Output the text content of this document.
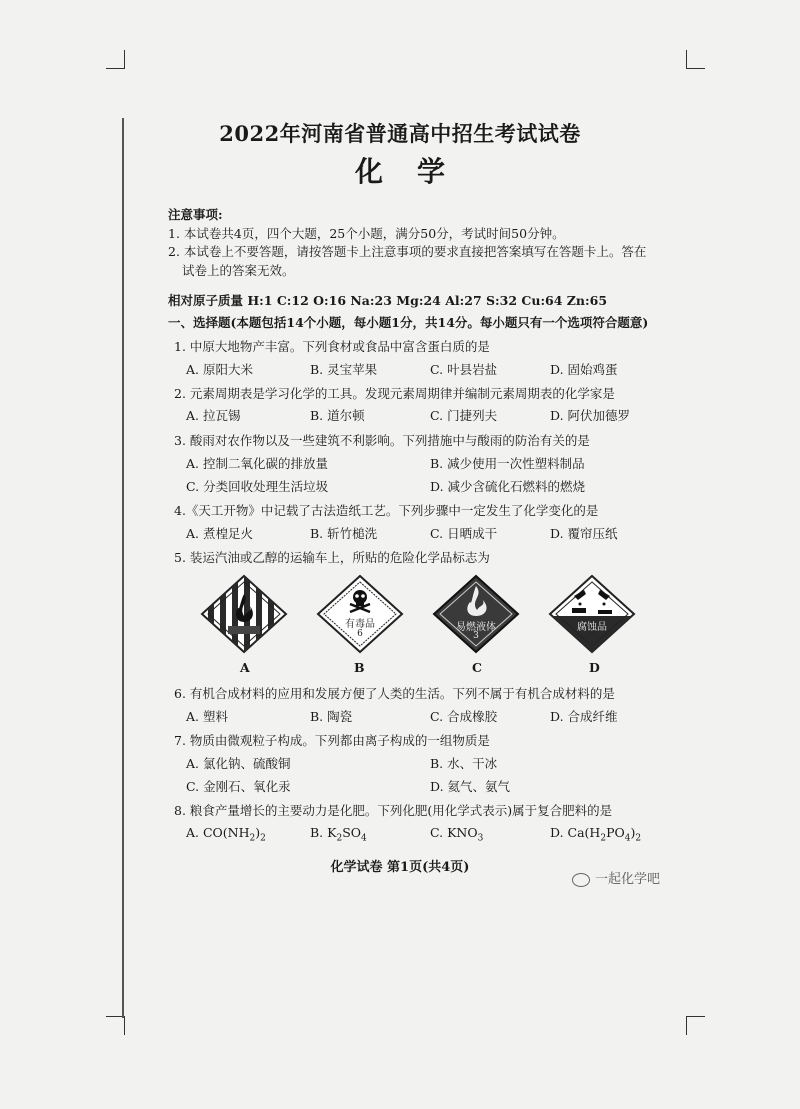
2022年河南省普通高中招生考试试卷
化学
注意事项:
1. 本试卷共4页，四个大题，25个小题，满分50分，考试时间50分钟。
2. 本试卷上不要答题，请按答题卡上注意事项的要求直接把答案填写在答题卡上。答在
试卷上的答案无效。
相对原子质量 H:1 C:12 O:16 Na:23 Mg:24 Al:27 S:32 Cu:64 Zn:65
一、选择题(本题包括14个小题，每小题1分，共14分。每小题只有一个选项符合题意)
1. 中原大地物产丰富。下列食材或食品中富含蛋白质的是
A. 原阳大米	B. 灵宝苹果	C. 叶县岩盐	D. 固始鸡蛋
2. 元素周期表是学习化学的工具。发现元素周期律并编制元素周期表的化学家是
A. 拉瓦锡	B. 道尔顿	C. 门捷列夫	D. 阿伏加德罗
3. 酸雨对农作物以及一些建筑不利影响。下列措施中与酸雨的防治有关的是
A. 控制二氧化碳的排放量	B. 减少使用一次性塑料制品
C. 分类回收处理生活垃圾	D. 减少含硫化石燃料的燃烧
4.《天工开物》中记载了古法造纸工艺。下列步骤中一定发生了化学变化的是
A. 煮楻足火	B. 斩竹槌洗	C. 日晒成干	D. 覆帘压纸
5. 装运汽油或乙醇的运输车上，所贴的危险化学品标志为
A
有毒品
6
B
易燃液体
3
C
腐蚀品
D
6. 有机合成材料的应用和发展方便了人类的生活。下列不属于有机合成材料的是
A. 塑料	B. 陶瓷	C. 合成橡胶	D. 合成纤维
7. 物质由微观粒子构成。下列都由离子构成的一组物质是
A. 氯化钠、硫酸铜	B. 水、干冰
C. 金刚石、氧化汞	D. 氦气、氨气
8. 粮食产量增长的主要动力是化肥。下列化肥(用化学式表示)属于复合肥料的是
A. $CO(NH_2)_2$	B. $K_2SO_4$	C. $KNO_3$	D. $Ca(H_2PO_4)_2$
化学试卷 第1页(共4页)
一起化学吧
